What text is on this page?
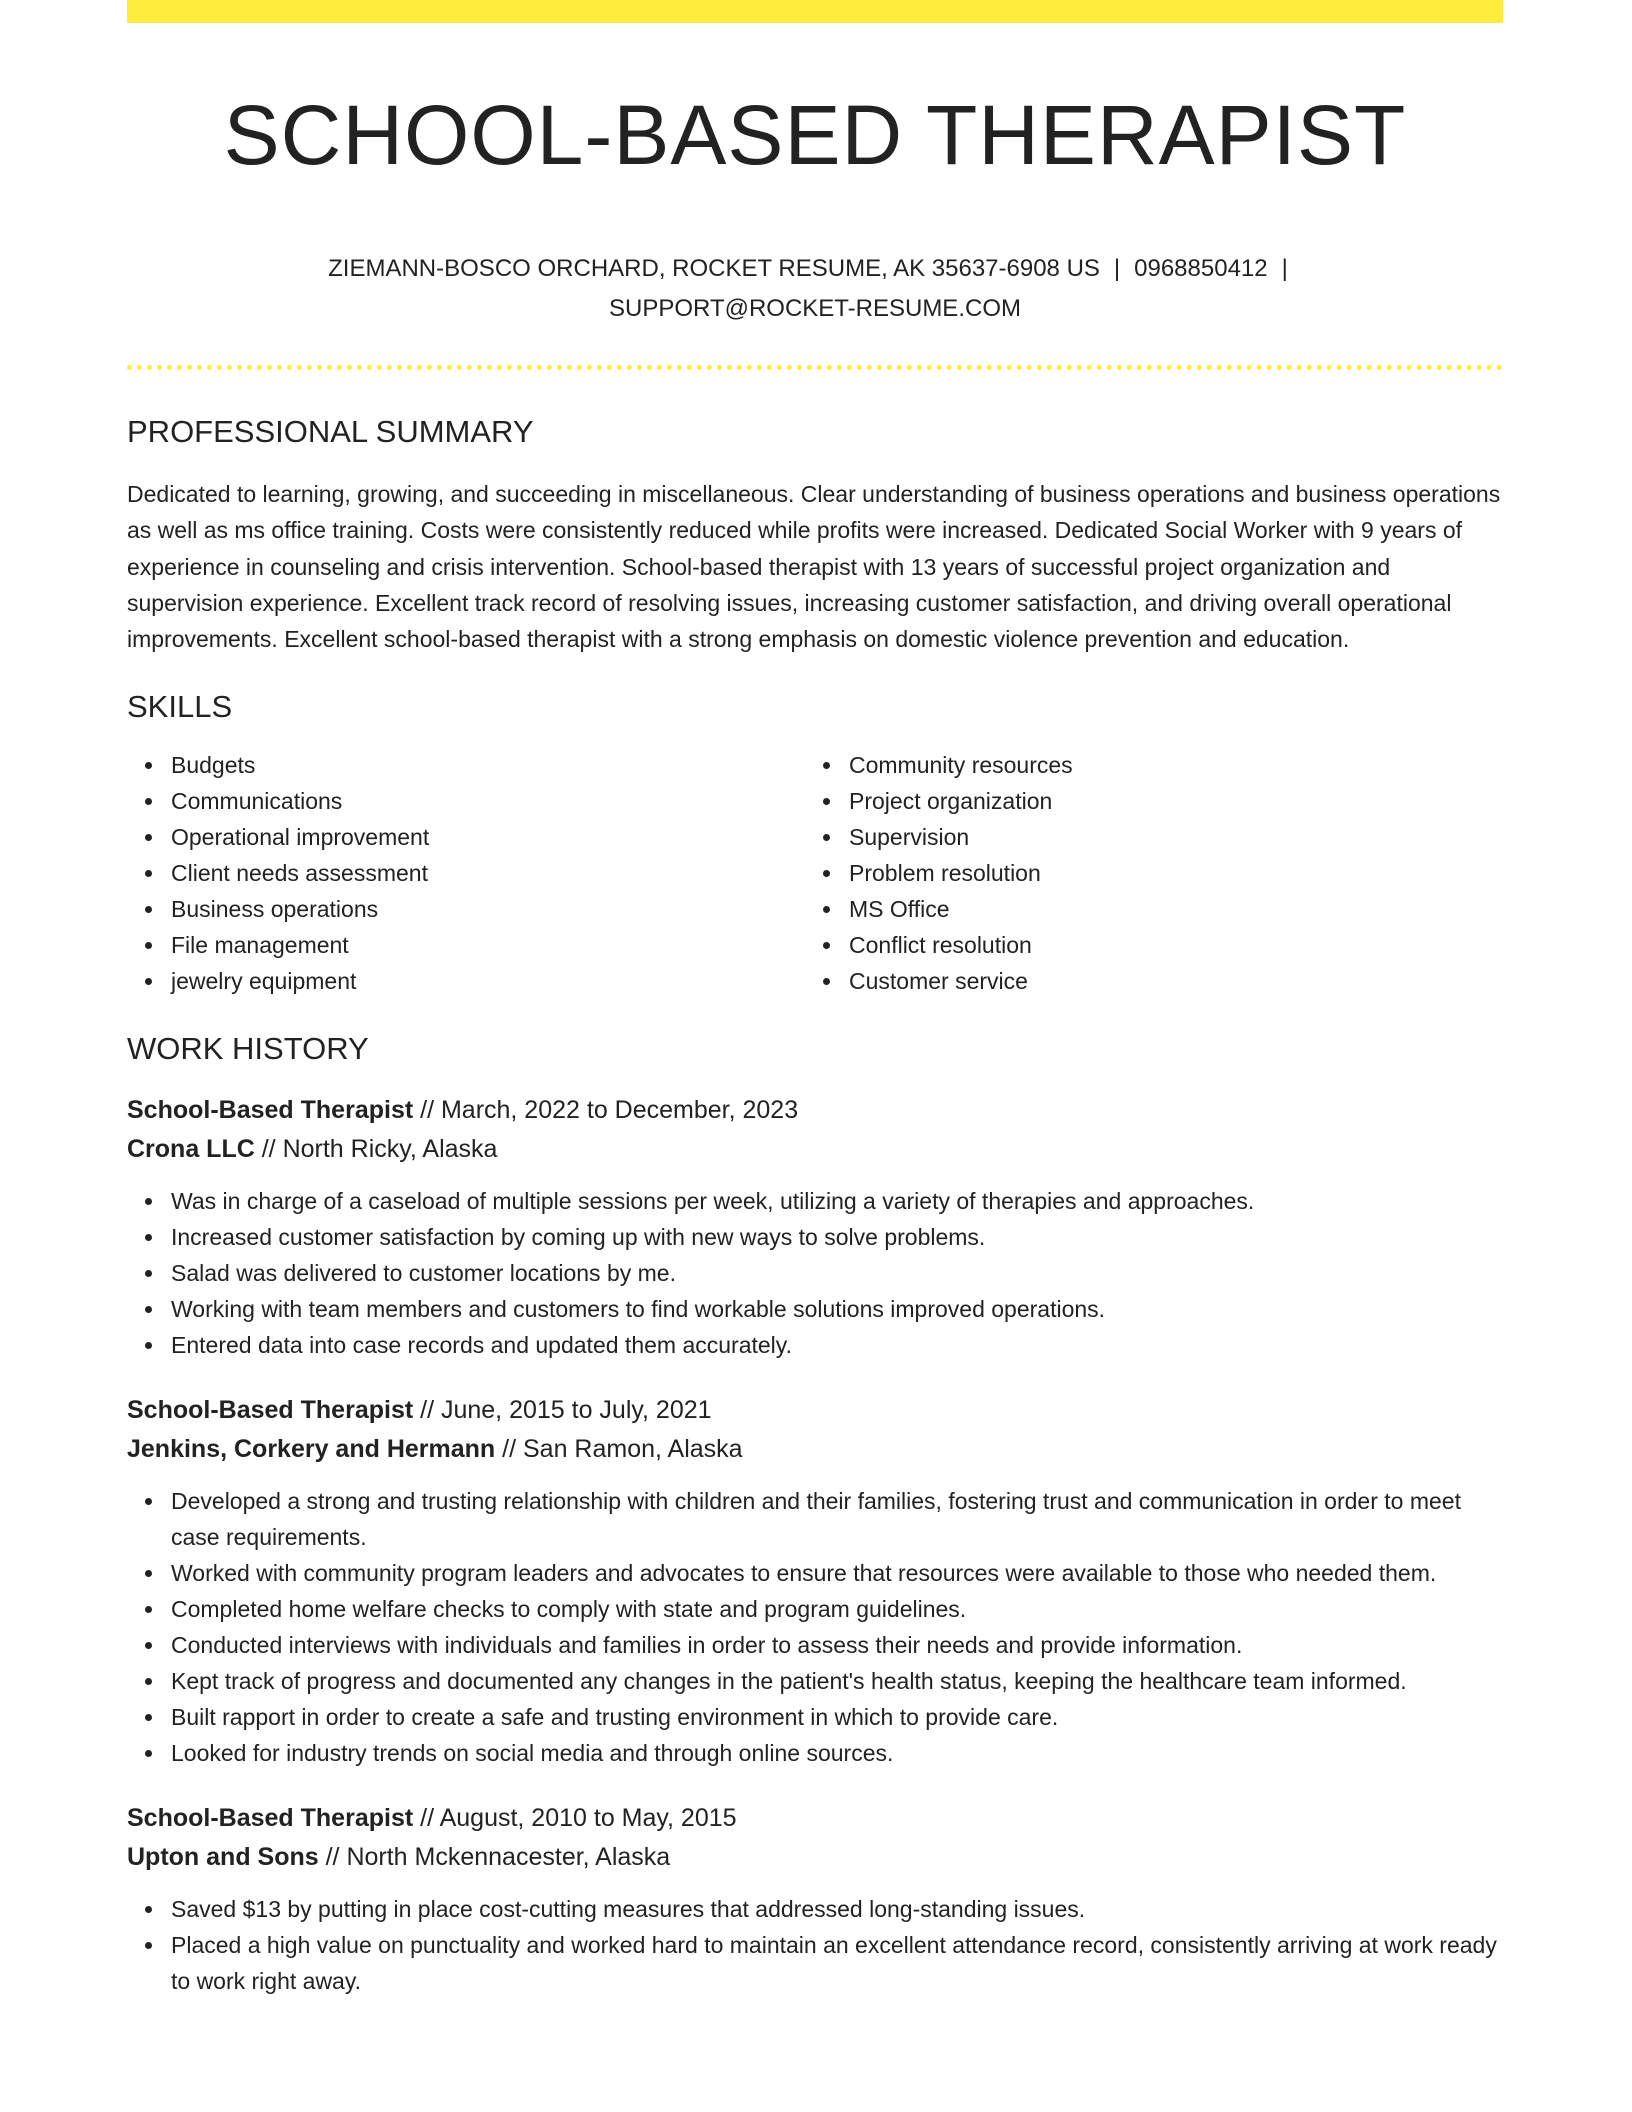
SCHOOL-BASED THERAPIST
ZIEMANN-BOSCO ORCHARD, ROCKET RESUME, AK 35637-6908 US | 0968850412 |
SUPPORT@ROCKET-RESUME.COM
PROFESSIONAL SUMMARY

Dedicated to learning, growing, and succeeding in miscellaneous. Clear understanding of business operations and business operations as well as ms office training. Costs were consistently reduced while profits were increased. Dedicated Social Worker with 9 years of experience in counseling and crisis intervention. School-based therapist with 13 years of successful project organization and supervision experience. Excellent track record of resolving issues, increasing customer satisfaction, and driving overall operational improvements. Excellent school-based therapist with a strong emphasis on domestic violence prevention and education.

SKILLS
Budgets
Communications
Operational improvement
Client needs assessment
Business operations
File management
jewelry equipment
Community resources
Project organization
Supervision
Problem resolution
MS Office
Conflict resolution
Customer service
WORK HISTORY
School-Based Therapist // March, 2022 to December, 2023
Crona LLC // North Ricky, Alaska
Was in charge of a caseload of multiple sessions per week, utilizing a variety of therapies and approaches.
Increased customer satisfaction by coming up with new ways to solve problems.
Salad was delivered to customer locations by me.
Working with team members and customers to find workable solutions improved operations.
Entered data into case records and updated them accurately.
School-Based Therapist // June, 2015 to July, 2021
Jenkins, Corkery and Hermann // San Ramon, Alaska
Developed a strong and trusting relationship with children and their families, fostering trust and communication in order to meet case requirements.
Worked with community program leaders and advocates to ensure that resources were available to those who needed them.
Completed home welfare checks to comply with state and program guidelines.
Conducted interviews with individuals and families in order to assess their needs and provide information.
Kept track of progress and documented any changes in the patient's health status, keeping the healthcare team informed.
Built rapport in order to create a safe and trusting environment in which to provide care.
Looked for industry trends on social media and through online sources.
School-Based Therapist // August, 2010 to May, 2015
Upton and Sons // North Mckennacester, Alaska
Saved $13 by putting in place cost-cutting measures that addressed long-standing issues.
Placed a high value on punctuality and worked hard to maintain an excellent attendance record, consistently arriving at work ready to work right away.
